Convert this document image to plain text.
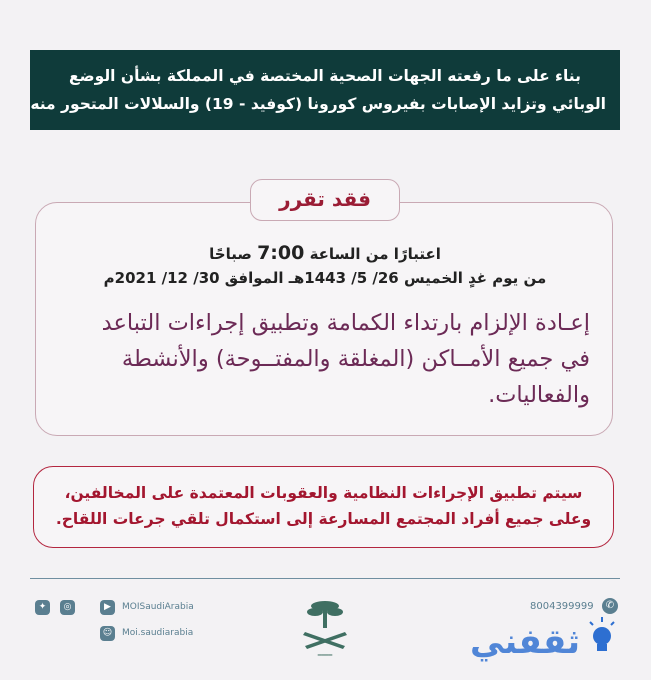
بناء على ما رفعته الجهات الصحية المختصة في المملكة بشأن الوضع
الوبائي وتزايد الإصابات بفيروس كورونا (كوفيد - 19) والسلالات المتحور منه
فقد تقرر
اعتبارًا من الساعة 7:00 صباحًا
من يوم غدٍ الخميس 26/ 5/ 1443هـ الموافق 30/ 12/ 2021م
إعـادة الإلزام بارتداء الكمامة وتطبيق إجراءات التباعد
في جميع الأمــاكن (المغلقة والمفتــوحة) والأنشطة
والفعاليات.
سيتم تطبيق الإجراءات النظامية والعقوبات المعتمدة على المخالفين،
وعلى جميع أفراد المجتمع المسارعة إلى استكمال تلقي جرعات اللقاح.
▶
◎
✦	MOISaudiArabia
☺	Moi.saudiarabia
━━━━
8004399999	✆
ثقفني
